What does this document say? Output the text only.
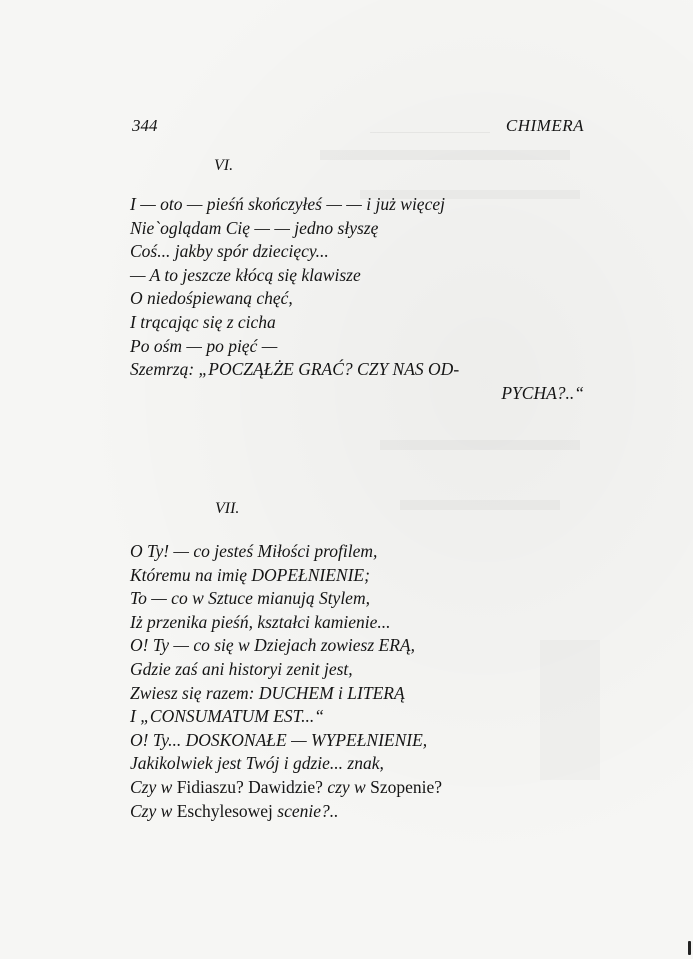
344	CHIMERA
VI.
I — oto — pieśń skończyłeś — — i już więcej
Nie`oglądam Cię — — jedno słyszę
Coś... jakby spór dziecięcy...
— A to jeszcze kłócą się klawisze
O niedośpiewaną chęć,
I trącając się z cicha
Po ośm — po pięć —
Szemrzą: „POCZĄŁŻE GRAĆ? CZY NAS OD-
PYCHA?..“
VII.
O Ty! — co jesteś Miłości profilem,
Któremu na imię DOPEŁNIENIE;
To — co w Sztuce mianują Stylem,
Iż przenika pieśń, kształci kamienie...
O! Ty — co się w Dziejach zowiesz ERĄ,
Gdzie zaś ani historyi zenit jest,
Zwiesz się razem: DUCHEM i LITERĄ
I „CONSUMATUM EST...“
O! Ty... DOSKONAŁE — WYPEŁNIENIE,
Jakikolwiek jest Twój i gdzie... znak,
Czy w Fidiaszu? Dawidzie? czy w Szopenie?
Czy w Eschylesowej scenie?..
